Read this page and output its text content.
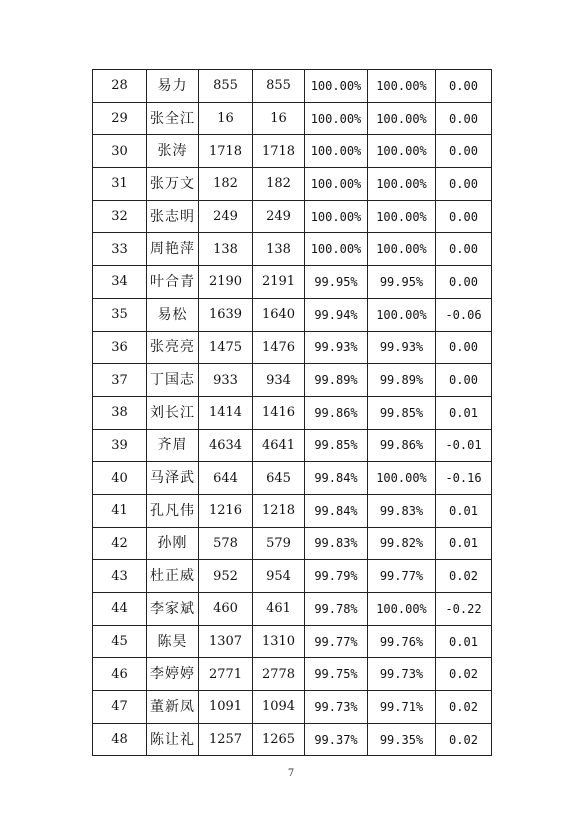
28	易力	855	855	100.00%	100.00%	0.00
29	张全江	16	16	100.00%	100.00%	0.00
30	张涛	1718	1718	100.00%	100.00%	0.00
31	张万文	182	182	100.00%	100.00%	0.00
32	张志明	249	249	100.00%	100.00%	0.00
33	周艳萍	138	138	100.00%	100.00%	0.00
34	叶合青	2190	2191	99.95%	99.95%	0.00
35	易松	1639	1640	99.94%	100.00%	-0.06
36	张亮亮	1475	1476	99.93%	99.93%	0.00
37	丁国志	933	934	99.89%	99.89%	0.00
38	刘长江	1414	1416	99.86%	99.85%	0.01
39	齐眉	4634	4641	99.85%	99.86%	-0.01
40	马泽武	644	645	99.84%	100.00%	-0.16
41	孔凡伟	1216	1218	99.84%	99.83%	0.01
42	孙刚	578	579	99.83%	99.82%	0.01
43	杜正威	952	954	99.79%	99.77%	0.02
44	李家斌	460	461	99.78%	100.00%	-0.22
45	陈昊	1307	1310	99.77%	99.76%	0.01
46	李婷婷	2771	2778	99.75%	99.73%	0.02
47	董新凤	1091	1094	99.73%	99.71%	0.02
48	陈让礼	1257	1265	99.37%	99.35%	0.02
7
